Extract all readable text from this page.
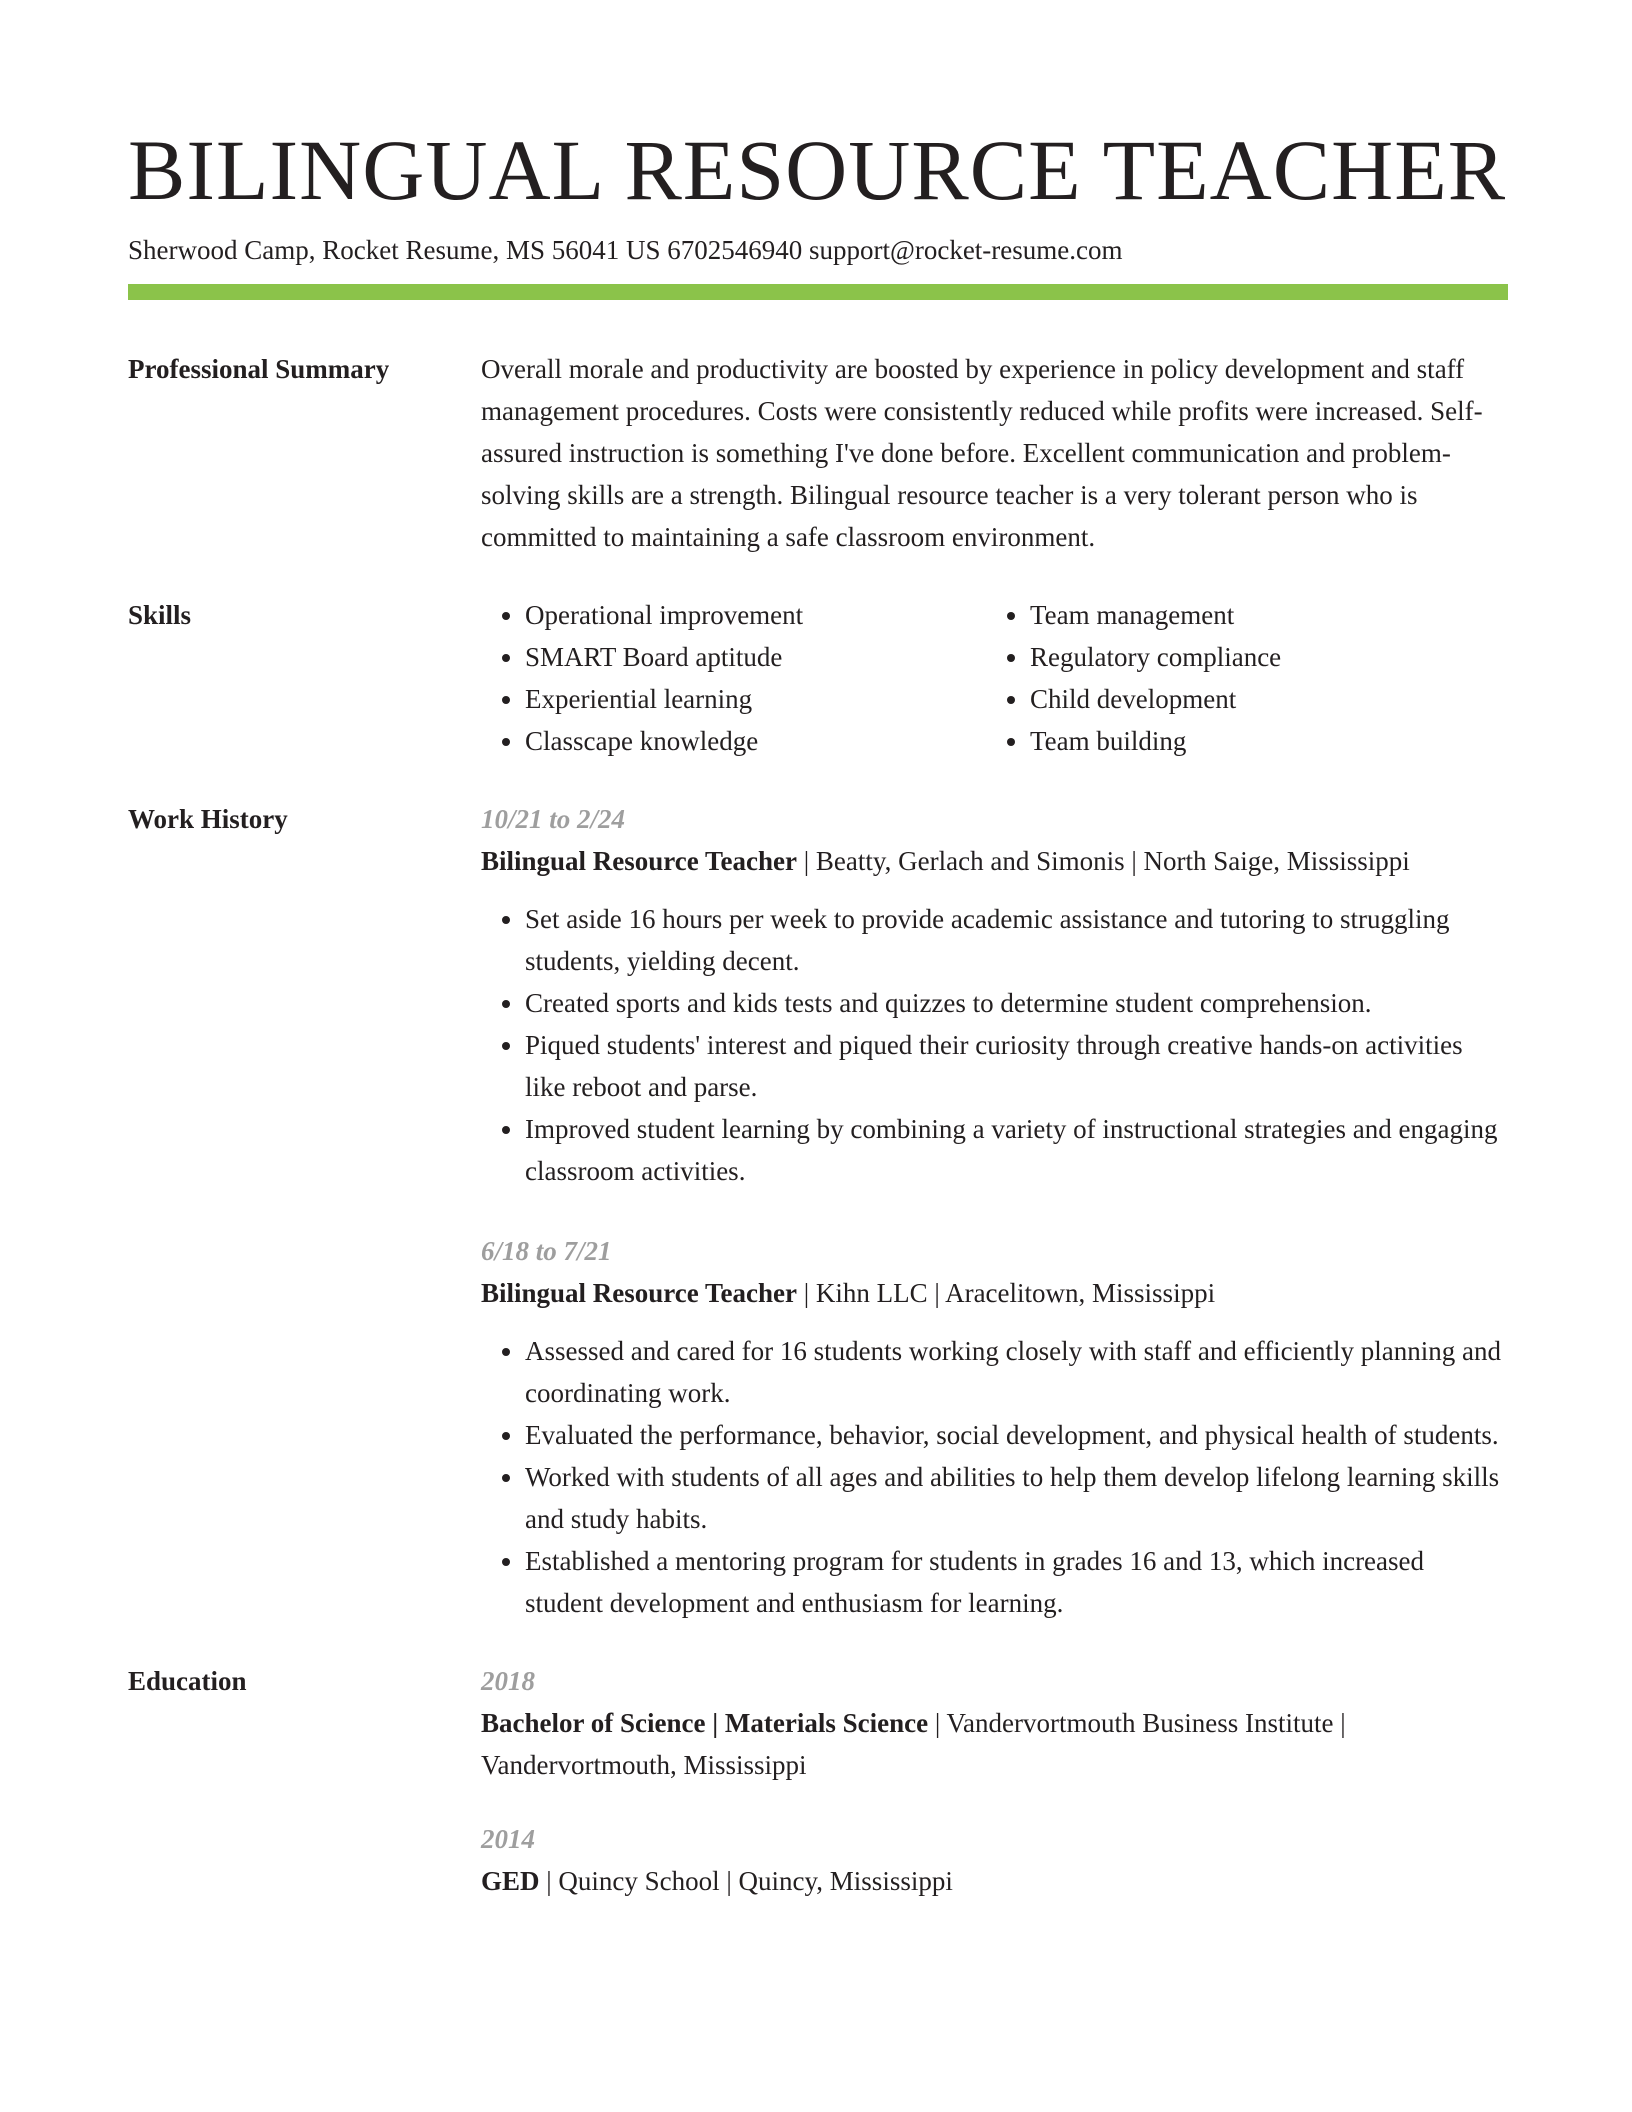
BILINGUAL RESOURCE TEACHER
Sherwood Camp, Rocket Resume, MS 56041 US 6702546940 support@rocket-resume.com
Professional Summary	Overall morale and productivity are boosted by experience in policy development and staff management procedures. Costs were consistently reduced while profits were increased. Self-assured instruction is something I've done before. Excellent communication and problem-solving skills are a strength. Bilingual resource teacher is a very tolerant person who is committed to maintaining a safe classroom environment.

Skills
•	Operational improvement
• SMART Board aptitude
• Experiential learning
• Classcape knowledge
• Team management
• Regulatory compliance
• Child development
• Team building
Work History	10/21 to 2/24
Bilingual Resource Teacher | Beatty, Gerlach and Simonis | North Saige, Mississippi
• Set aside 16 hours per week to provide academic assistance and tutoring to struggling students, yielding decent.
• Created sports and kids tests and quizzes to determine student comprehension.
• Piqued students' interest and piqued their curiosity through creative hands-on activities like reboot and parse.
• Improved student learning by combining a variety of instructional strategies and engaging classroom activities.
6/18 to 7/21
Bilingual Resource Teacher | Kihn LLC | Aracelitown, Mississippi
• Assessed and cared for 16 students working closely with staff and efficiently planning and coordinating work.
• Evaluated the performance, behavior, social development, and physical health of students.
• Worked with students of all ages and abilities to help them develop lifelong learning skills and study habits.
• Established a mentoring program for students in grades 16 and 13, which increased student development and enthusiasm for learning.
Education	2018
Bachelor of Science | Materials Science | Vandervortmouth Business Institute | Vandervortmouth, Mississippi
2014
GED | Quincy School | Quincy, Mississippi
